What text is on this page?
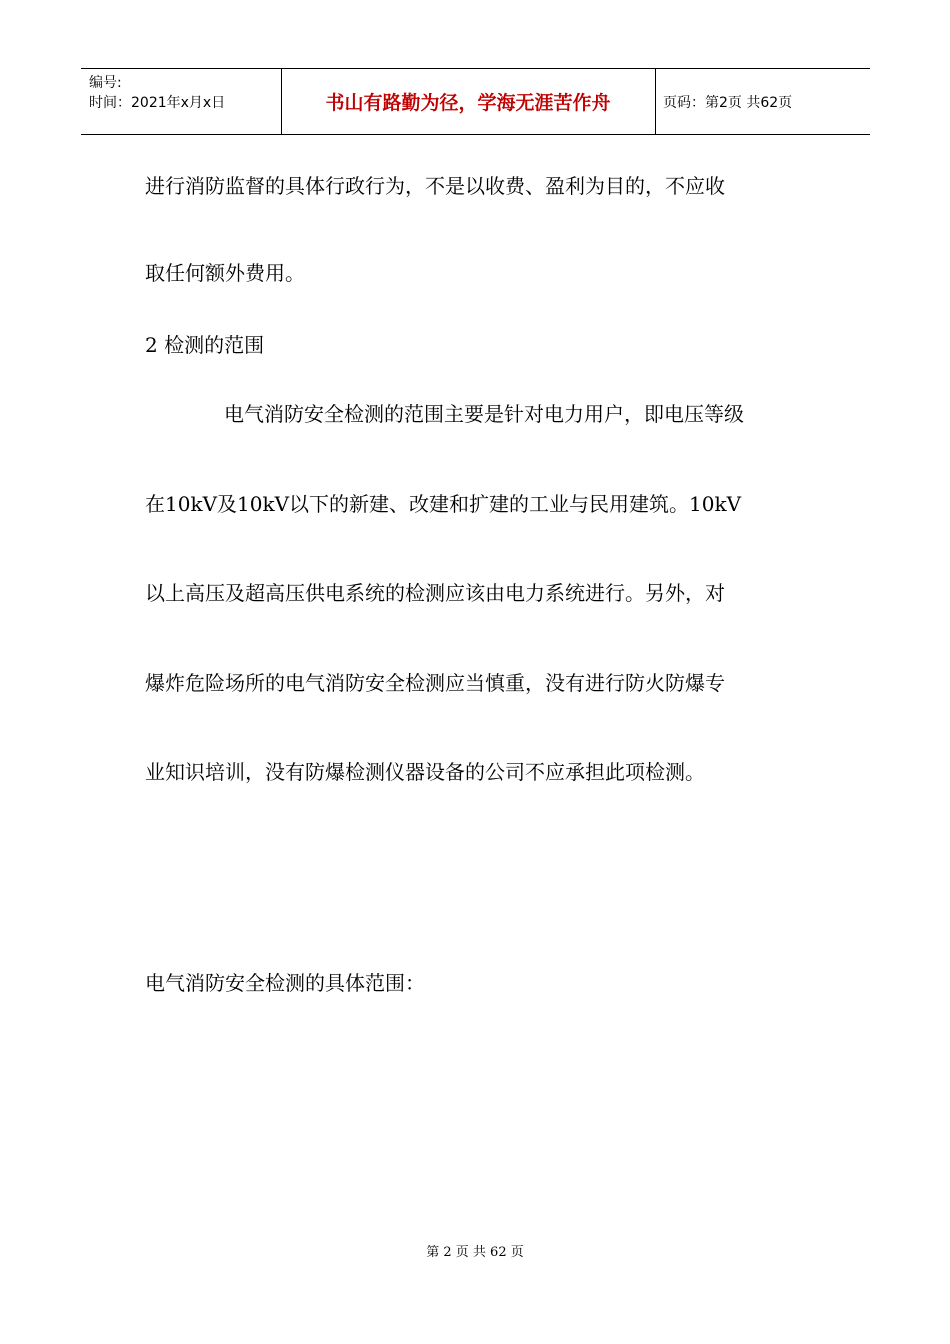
编号:
时间：2021年x月x日	书山有路勤为径，学海无涯苦作舟	页码：第2页 共62页
进行消防监督的具体行政行为，不是以收费、盈利为目的，不应收
取任何额外费用。
2 检测的范围
电气消防安全检测的范围主要是针对电力用户，即电压等级
在10kV及10kV以下的新建、改建和扩建的工业与民用建筑。10kV
以上高压及超高压供电系统的检测应该由电力系统进行。另外，对
爆炸危险场所的电气消防安全检测应当慎重，没有进行防火防爆专
业知识培训，没有防爆检测仪器设备的公司不应承担此项检测。
电气消防安全检测的具体范围：
第 2 页 共 62 页
